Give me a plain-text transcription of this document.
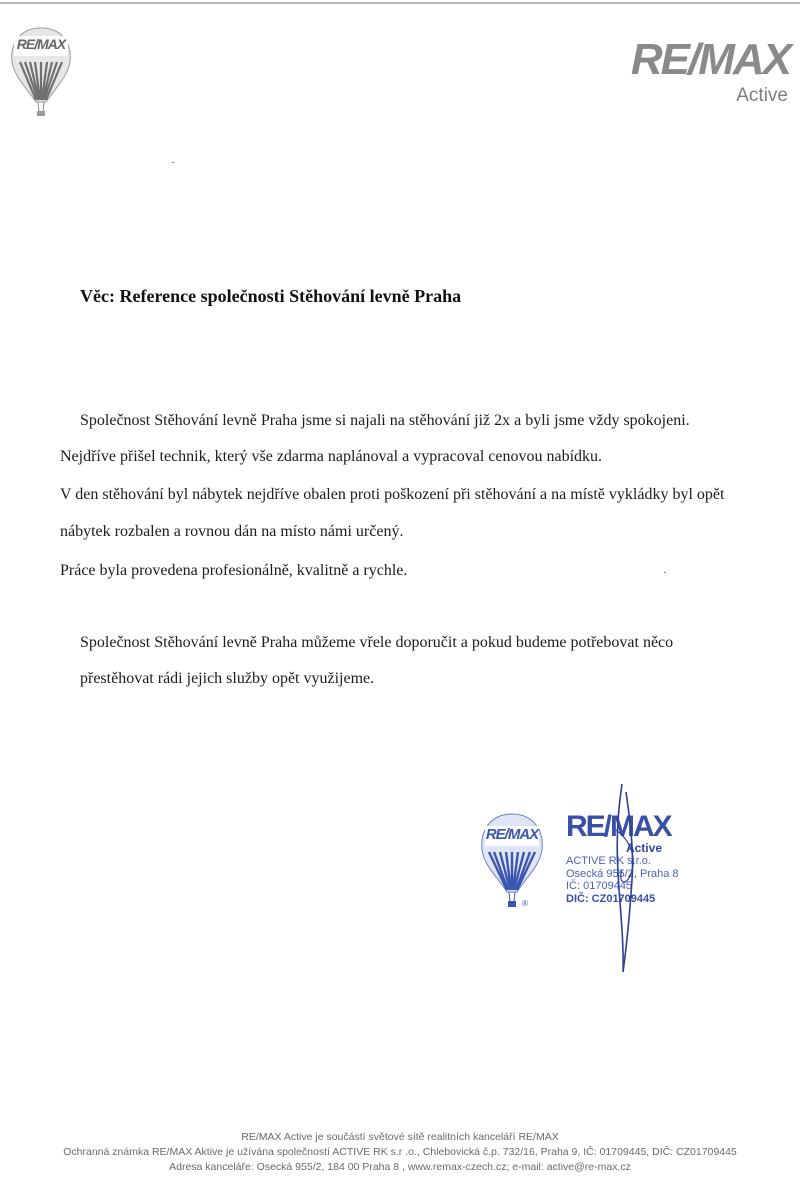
RE/MAX	RE/MAX
Active
Věc: Reference společnosti Stěhování levně Praha
Společnost Stěhování levně Praha jsme si najali na stěhování již 2x a byli jsme vždy spokojeni.
Nejdříve přišel technik, který vše zdarma naplánoval a vypracoval cenovou nabídku.
V den stěhování byl nábytek nejdříve obalen proti poškození při stěhování a na místě vykládky byl opět
nábytek rozbalen a rovnou dán na místo námi určený.
Práce byla provedena profesionálně, kvalitně a rychle.
Společnost Stěhování levně Praha můžeme vřele doporučit a pokud budeme potřebovat něco
přestěhovat rádi jejich služby opět využijeme.
®
RE/MAX RE/MAX
Active
ACTIVE RK s.r.o.
Osecká 955/2, Praha 8
IČ: 01709445
DIČ: CZ01709445
RE/MAX Active je součástí světové sítě realitních kanceláří RE/MAX
Ochranná známka RE/MAX Aktive je užívána společností ACTIVE RK s.r .o., Chlebovická č.p. 732/16, Praha 9, IČ: 01709445, DIČ: CZ01709445
Adresa kanceláře: Osecká 955/2, 184 00 Praha 8 , www.remax-czech.cz; e-mail: active@re-max.cz
